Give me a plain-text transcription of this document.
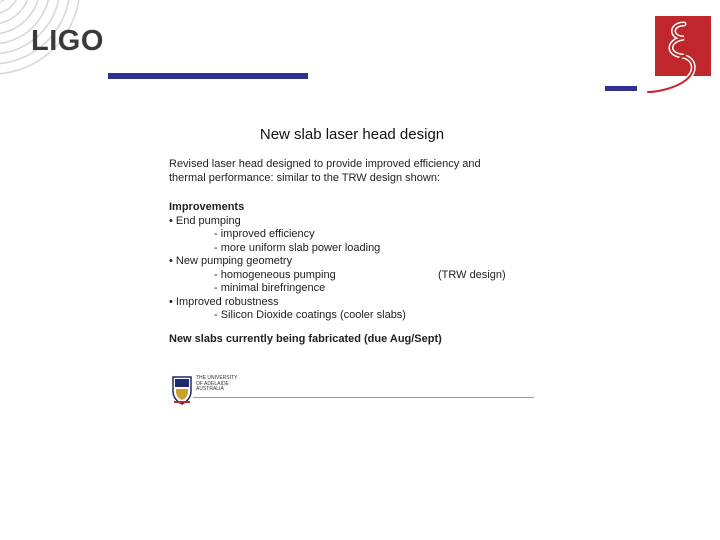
LIGO
New slab laser head design
Revised laser head designed to provide improved efficiency and
thermal performance: similar to the TRW design shown:
Improvements
• End pumping
- improved efficiency
- more uniform slab power loading
• New pumping geometry
- homogeneous pumping	(TRW design)
- minimal birefringence
• Improved robustness
- Silicon Dioxide coatings (cooler slabs)
New slabs currently being fabricated (due Aug/Sept)
THE UNIVERSITY
OF ADELAIDE
AUSTRALIA
